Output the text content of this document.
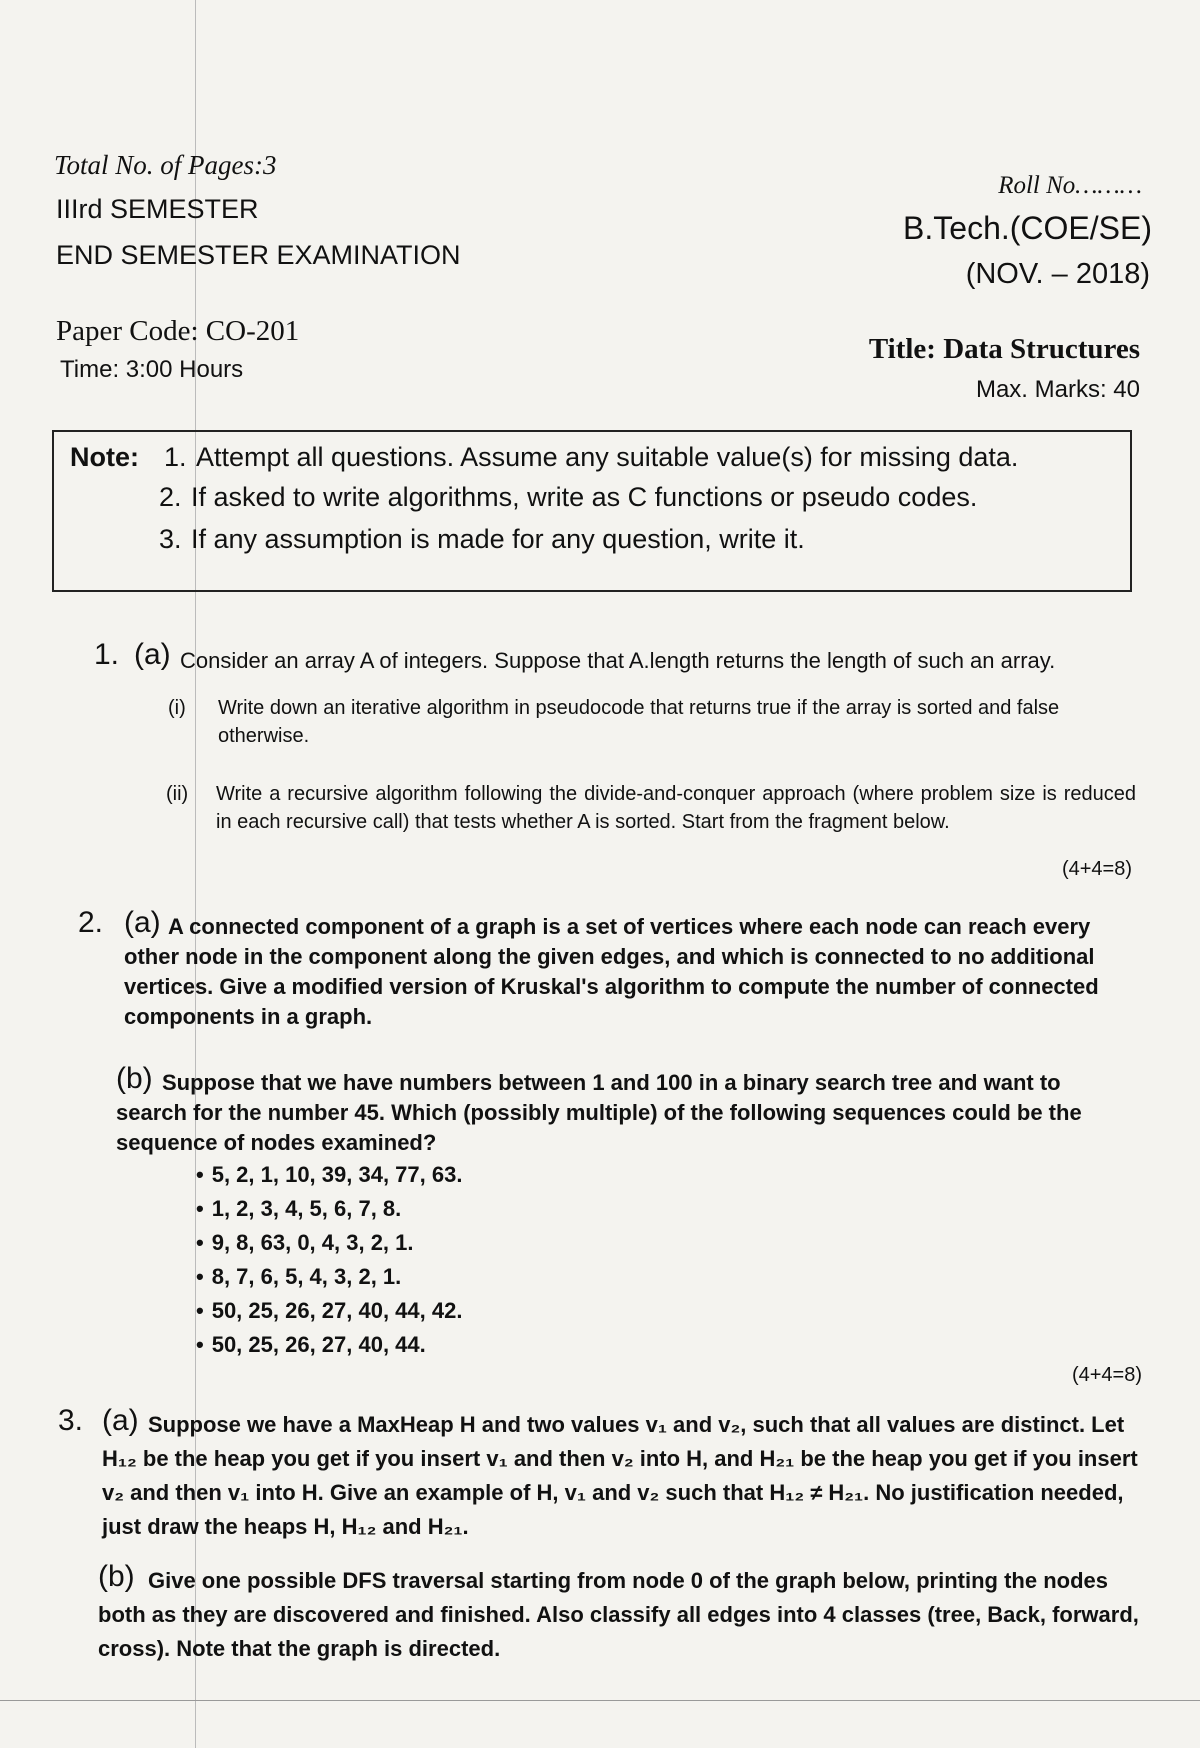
Total No. of Pages:3
IIIrd SEMESTER
END SEMESTER EXAMINATION
Roll No………
B.Tech.(COE/SE)
(NOV. – 2018)
Paper Code: CO-201
Time: 3:00 Hours
Title: Data Structures
Max. Marks: 40
Note: 1. Attempt all questions. Assume any suitable value(s) for missing data.
2. If asked to write algorithms, write as C functions or pseudo codes.
3. If any assumption is made for any question, write it.
1. (a) Consider an array A of integers. Suppose that A.length returns the length of such an array.
(i) Write down an iterative algorithm in pseudocode that returns true if the array is sorted and false otherwise.
(ii) Write a recursive algorithm following the divide-and-conquer approach (where problem size is reduced in each recursive call) that tests whether A is sorted. Start from the fragment below.
(4+4=8)
2. (a) A connected component of a graph is a set of vertices where each node can reach every other node in the component along the given edges, and which is connected to no additional vertices. Give a modified version of Kruskal's algorithm to compute the number of connected components in a graph.
(b) Suppose that we have numbers between 1 and 100 in a binary search tree and want to search for the number 45. Which (possibly multiple) of the following sequences could be the sequence of nodes examined?
• 5, 2, 1, 10, 39, 34, 77, 63.
• 1, 2, 3, 4, 5, 6, 7, 8.
• 9, 8, 63, 0, 4, 3, 2, 1.
• 8, 7, 6, 5, 4, 3, 2, 1.
• 50, 25, 26, 27, 40, 44, 42.
• 50, 25, 26, 27, 40, 44.
(4+4=8)
3. (a) Suppose we have a MaxHeap H and two values v₁ and v₂, such that all values are distinct. Let H₁₂ be the heap you get if you insert v₁ and then v₂ into H, and H₂₁ be the heap you get if you insert v₂ and then v₁ into H. Give an example of H, v₁ and v₂ such that H₁₂ ≠ H₂₁. No justification needed, just draw the heaps H, H₁₂ and H₂₁.
(b) Give one possible DFS traversal starting from node 0 of the graph below, printing the nodes both as they are discovered and finished. Also classify all edges into 4 classes (tree, Back, forward, cross). Note that the graph is directed.
